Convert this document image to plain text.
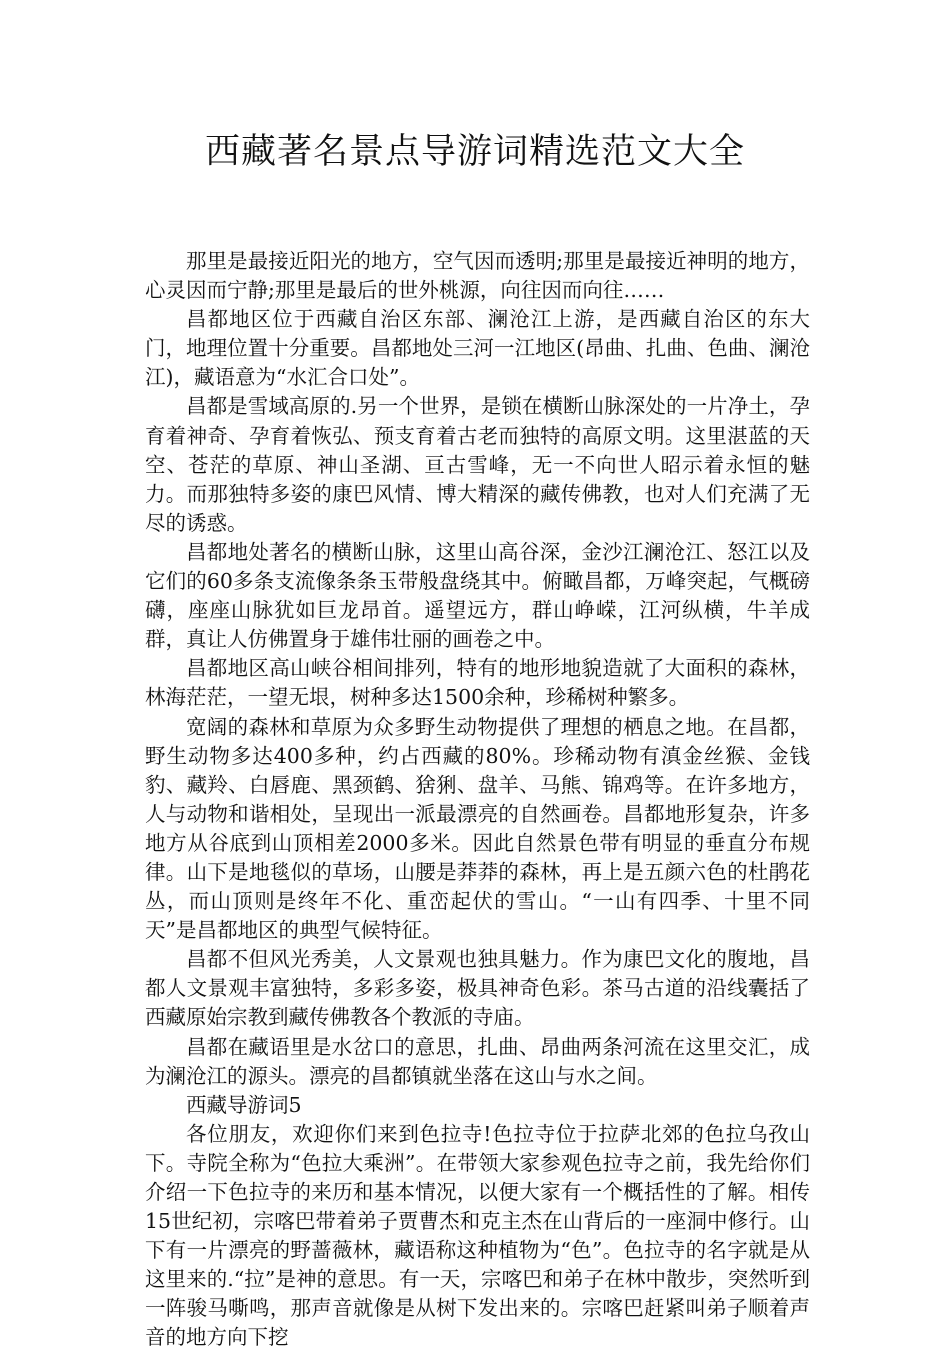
西藏著名景点导游词精选范文大全

那里是最接近阳光的地方，空气因而透明;那里是最接近神明的地方，心灵因而宁静;那里是最后的世外桃源，向往因而向往……

昌都地区位于西藏自治区东部、澜沧江上游，是西藏自治区的东大门，地理位置十分重要。昌都地处三河一江地区(昂曲、扎曲、色曲、澜沧江)，藏语意为“水汇合口处”。

昌都是雪域高原的.另一个世界，是锁在横断山脉深处的一片净土，孕育着神奇、孕育着恢弘、预支育着古老而独特的高原文明。这里湛蓝的天空、苍茫的草原、神山圣湖、亘古雪峰，无一不向世人昭示着永恒的魅力。而那独特多姿的康巴风情、博大精深的藏传佛教，也对人们充满了无尽的诱惑。

昌都地处著名的横断山脉，这里山高谷深，金沙江澜沧江、怒江以及它们的60多条支流像条条玉带般盘绕其中。俯瞰昌都，万峰突起，气概磅礴，座座山脉犹如巨龙昂首。遥望远方，群山峥嵘，江河纵横，牛羊成群，真让人仿佛置身于雄伟壮丽的画卷之中。

昌都地区高山峡谷相间排列，特有的地形地貌造就了大面积的森林，林海茫茫，一望无垠，树种多达1500余种，珍稀树种繁多。

宽阔的森林和草原为众多野生动物提供了理想的栖息之地。在昌都，野生动物多达400多种，约占西藏的80%。珍稀动物有滇金丝猴、金钱豹、藏羚、白唇鹿、黑颈鹤、猞猁、盘羊、马熊、锦鸡等。在许多地方，人与动物和谐相处，呈现出一派最漂亮的自然画卷。昌都地形复杂，许多地方从谷底到山顶相差2000多米。因此自然景色带有明显的垂直分布规律。山下是地毯似的草场，山腰是莽莽的森林，再上是五颜六色的杜鹃花丛，而山顶则是终年不化、重峦起伏的雪山。“一山有四季、十里不同天”是昌都地区的典型气候特征。

昌都不但风光秀美，人文景观也独具魅力。作为康巴文化的腹地，昌都人文景观丰富独特，多彩多姿，极具神奇色彩。茶马古道的沿线囊括了西藏原始宗教到藏传佛教各个教派的寺庙。

昌都在藏语里是水岔口的意思，扎曲、昂曲两条河流在这里交汇，成为澜沧江的源头。漂亮的昌都镇就坐落在这山与水之间。

西藏导游词5

各位朋友，欢迎你们来到色拉寺!色拉寺位于拉萨北郊的色拉乌孜山下。寺院全称为“色拉大乘洲”。在带领大家参观色拉寺之前，我先给你们介绍一下色拉寺的来历和基本情况，以便大家有一个概括性的了解。相传15世纪初，宗喀巴带着弟子贾曹杰和克主杰在山背后的一座洞中修行。山下有一片漂亮的野蔷薇林，藏语称这种植物为“色”。色拉寺的名字就是从这里来的.“拉”是神的意思。有一天，宗喀巴和弟子在林中散步，突然听到一阵骏马嘶鸣，那声音就像是从树下发出来的。宗喀巴赶紧叫弟子顺着声音的地方向下挖
